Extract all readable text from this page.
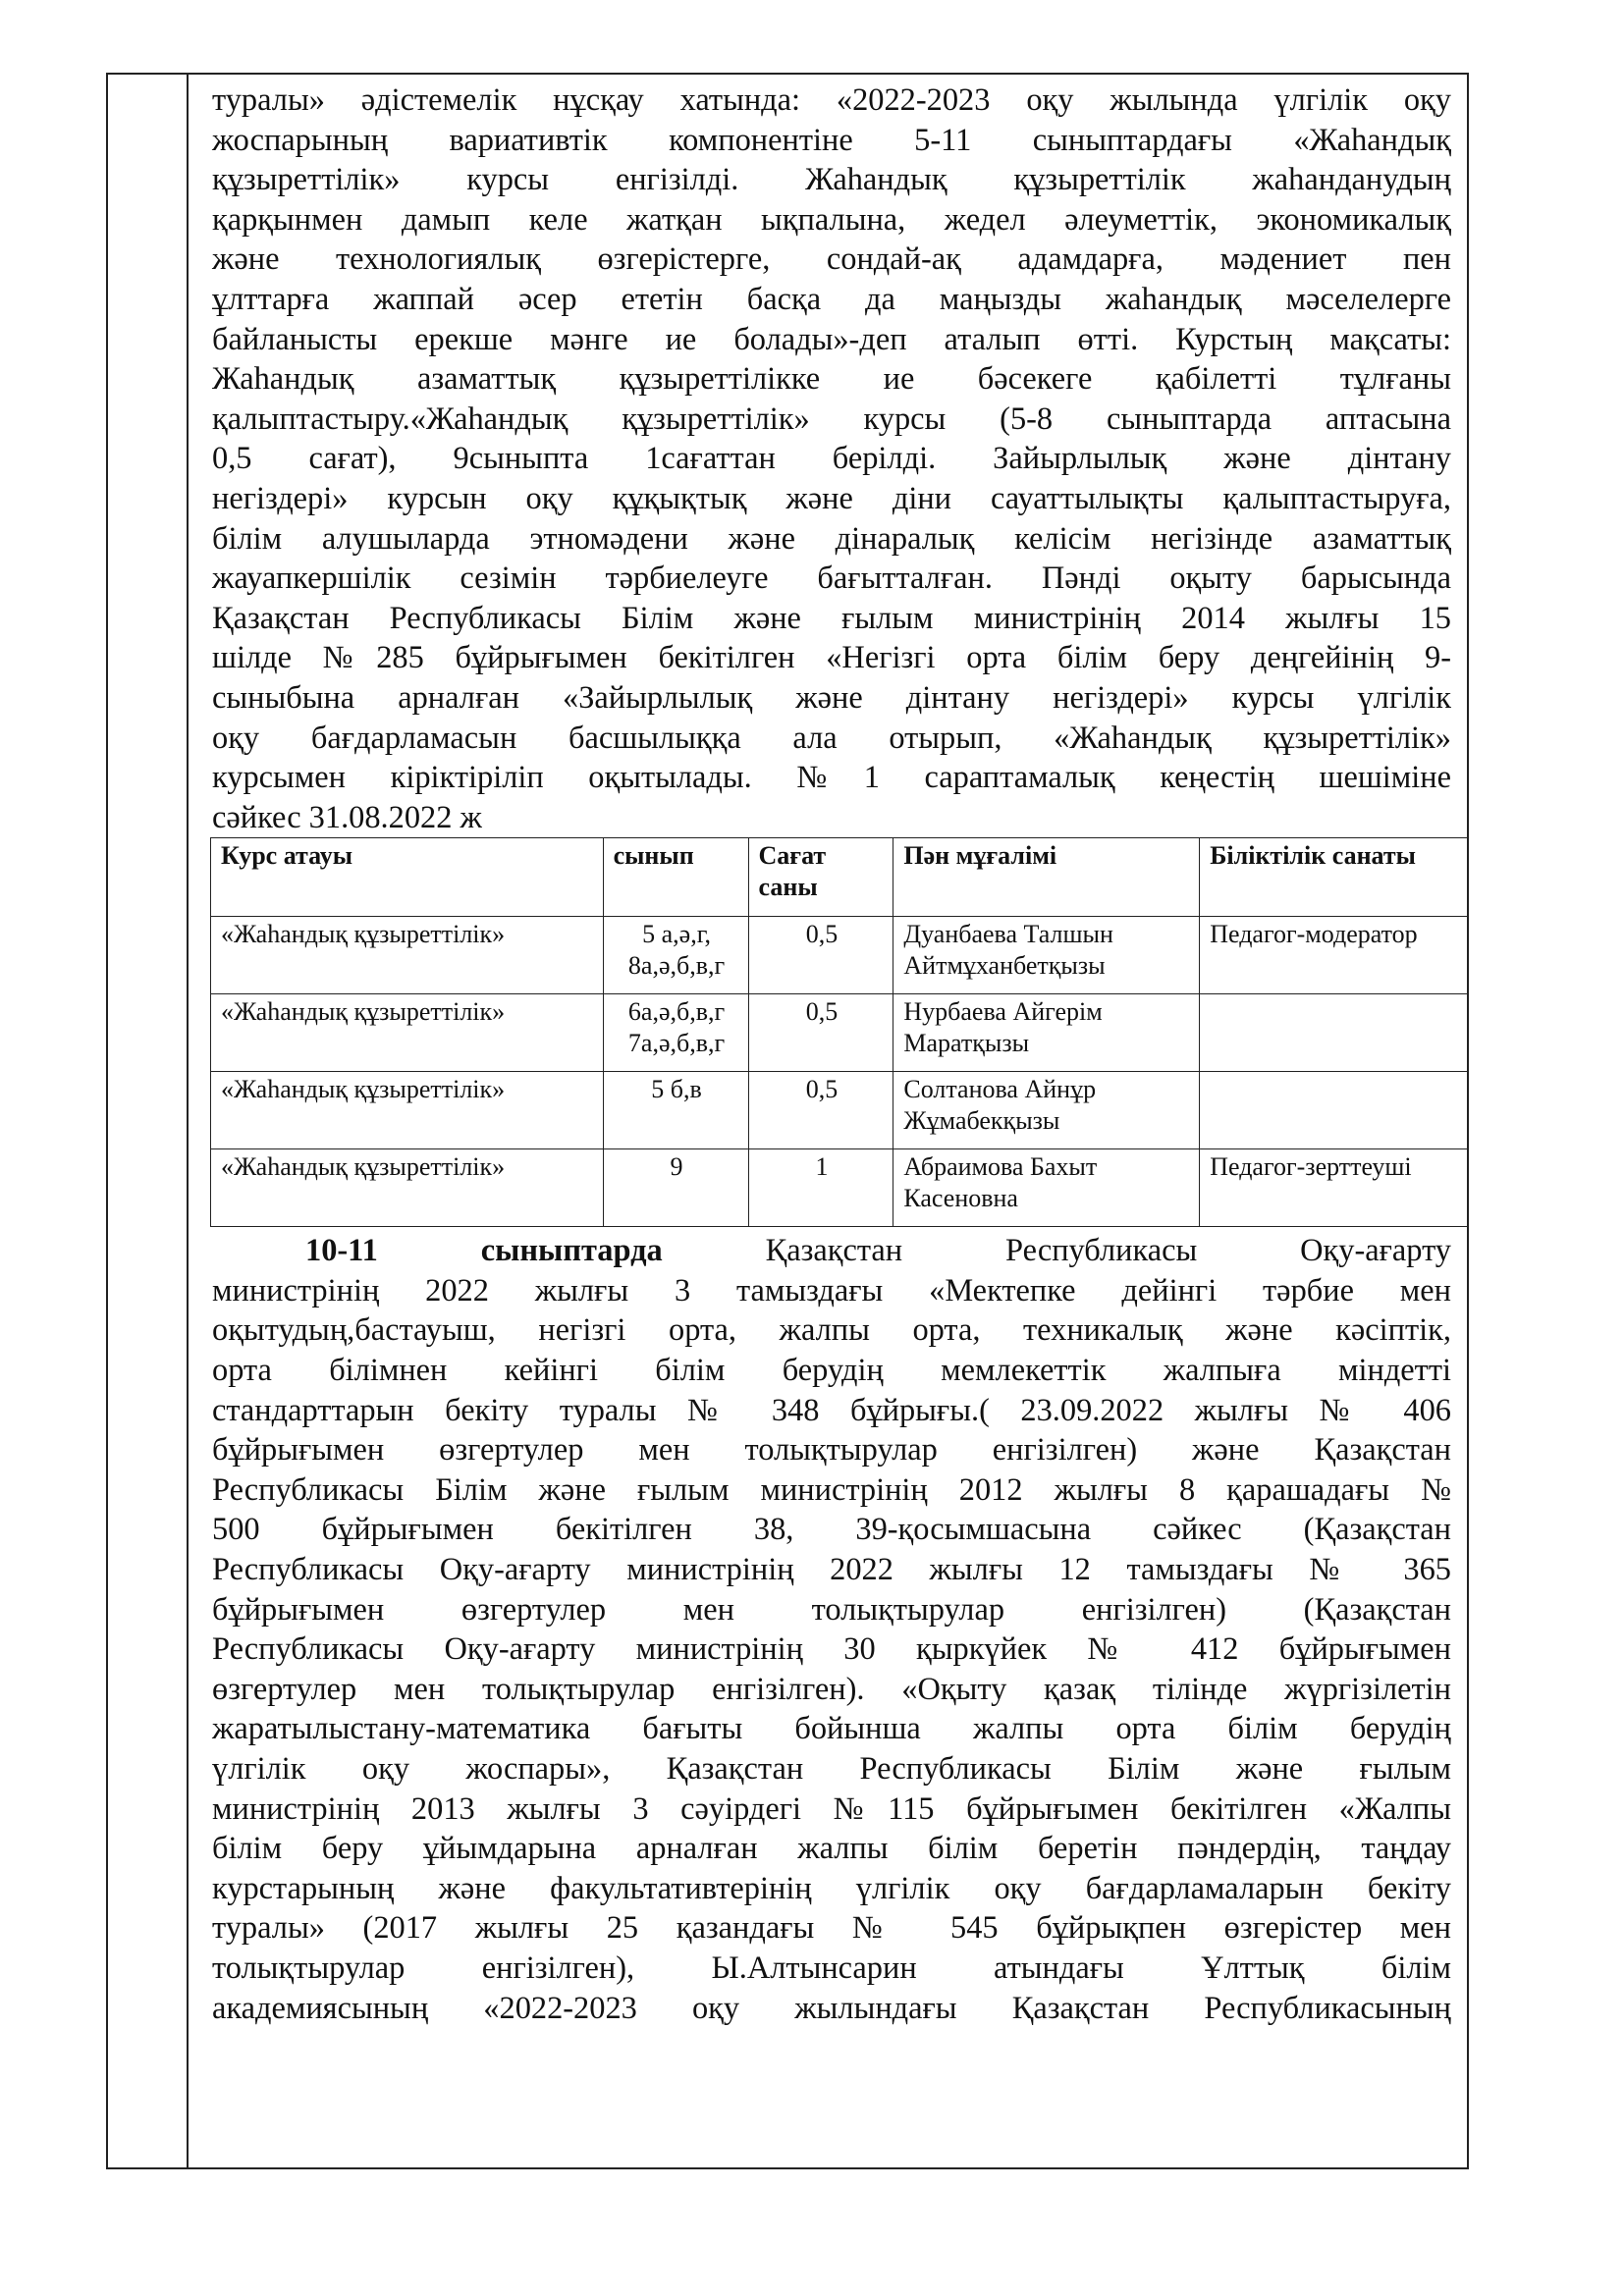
туралы» әдістемелік нұсқау хатында: «2022-2023 оқу жылында үлгілік оқу
жоспарының вариативтік компонентіне 5-11 сыныптардағы «Жаһандық
құзыреттілік» курсы енгізілді. Жаһандық құзыреттілік жаһанданудың
қарқынмен дамып келе жатқан ықпалына, жедел әлеуметтік, экономикалық
және технологиялық өзгерістерге, сондай-ақ адамдарға, мәдениет пен
ұлттарға жаппай әсер ететін басқа да маңызды жаһандық мәселелерге
байланысты ерекше мәнге ие болады»-деп аталып өтті. Курстың мақсаты:
Жаһандық азаматтық құзыреттілікке ие бәсекеге қабілетті тұлғаны
қалыптастыру.«Жаһандық құзыреттілік» курсы (5-8 сыныптарда аптасына
0,5 сағат), 9сыныпта 1сағаттан берілді. Зайырлылық және дінтану
негіздері» курсын оқу құқықтық және діни сауаттылықты қалыптастыруға,
білім алушыларда этномәдени және дінаралық келісім негізінде азаматтық
жауапкершілік сезімін тәрбиелеуге бағытталған. Пәнді оқыту барысында
Қазақстан Республикасы Білім және ғылым министрінің 2014 жылғы 15
шілде №285 бұйрығымен бекітілген «Негізгі орта білім беру деңгейінің 9-
сыныбына арналған «Зайырлылық және дінтану негіздері» курсы үлгілік
оқу бағдарламасын басшылыққа ала отырып, «Жаһандық құзыреттілік»
курсымен кіріктіріліп оқытылады. №1 сараптамалық кеңестің шешіміне
сәйкес 31.08.2022 ж
Курс атауы	сынып	Сағат саны	Пән мұғалімі	Біліктілік санаты
«Жаһандық құзыреттілік»	5 а,ә,г, 8а,ә,б,в,г	0,5	Дуанбаева Талшын Айтмұханбетқызы	Педагог-модератор
«Жаһандық құзыреттілік»	6а,ә,б,в,г 7а,ә,б,в,г	0,5	Нурбаева Айгерім Маратқызы	
«Жаһандық құзыреттілік»	5 б,в	0,5	Солтанова Айнұр Жұмабекқызы	
«Жаһандық құзыреттілік»	9	1	Абраимова Бахыт Касеновна	Педагог-зерттеуші
10-11 сыныптарда	Қазақстан Республикасы Оқу-ағарту
министрінің 2022 жылғы 3 тамыздағы «Мектепке дейінгі тәрбие мен
оқытудың,бастауыш, негізгі орта, жалпы орта, техникалық және кәсіптік,
орта білімнен кейінгі білім берудің мемлекеттік жалпыға міндетті
стандарттарын бекіту туралы № 348 бұйрығы.( 23.09.2022 жылғы № 406
бұйрығымен өзгертулер мен толықтырулар енгізілген) және Қазақстан
Республикасы Білім және ғылым министрінің 2012 жылғы 8 қарашадағы №
500 бұйрығымен бекітілген 38, 39-қосымшасына сәйкес (Қазақстан
Республикасы Оқу-ағарту министрінің 2022 жылғы 12 тамыздағы № 365
бұйрығымен өзгертулер мен толықтырулар енгізілген) (Қазақстан
Республикасы Оқу-ағарту министрінің 30 қыркүйек № 412 бұйрығымен
өзгертулер мен толықтырулар енгізілген). «Оқыту қазақ тілінде жүргізілетін
жаратылыстану-математика бағыты бойынша жалпы орта білім берудің
үлгілік оқу жоспары», Қазақстан Республикасы Білім және ғылым
министрінің 2013 жылғы 3 сәуірдегі №115 бұйрығымен бекітілген «Жалпы
білім беру ұйымдарына арналған жалпы білім беретін пәндердің, таңдау
курстарының және факультативтерінің үлгілік оқу бағдарламаларын бекіту
туралы» (2017 жылғы 25 қазандағы № 545 бұйрықпен өзгерістер мен
толықтырулар енгізілген), Ы.Алтынсарин атындағы Ұлттық білім
академиясының «2022-2023 оқу жылындағы Қазақстан Республикасының
